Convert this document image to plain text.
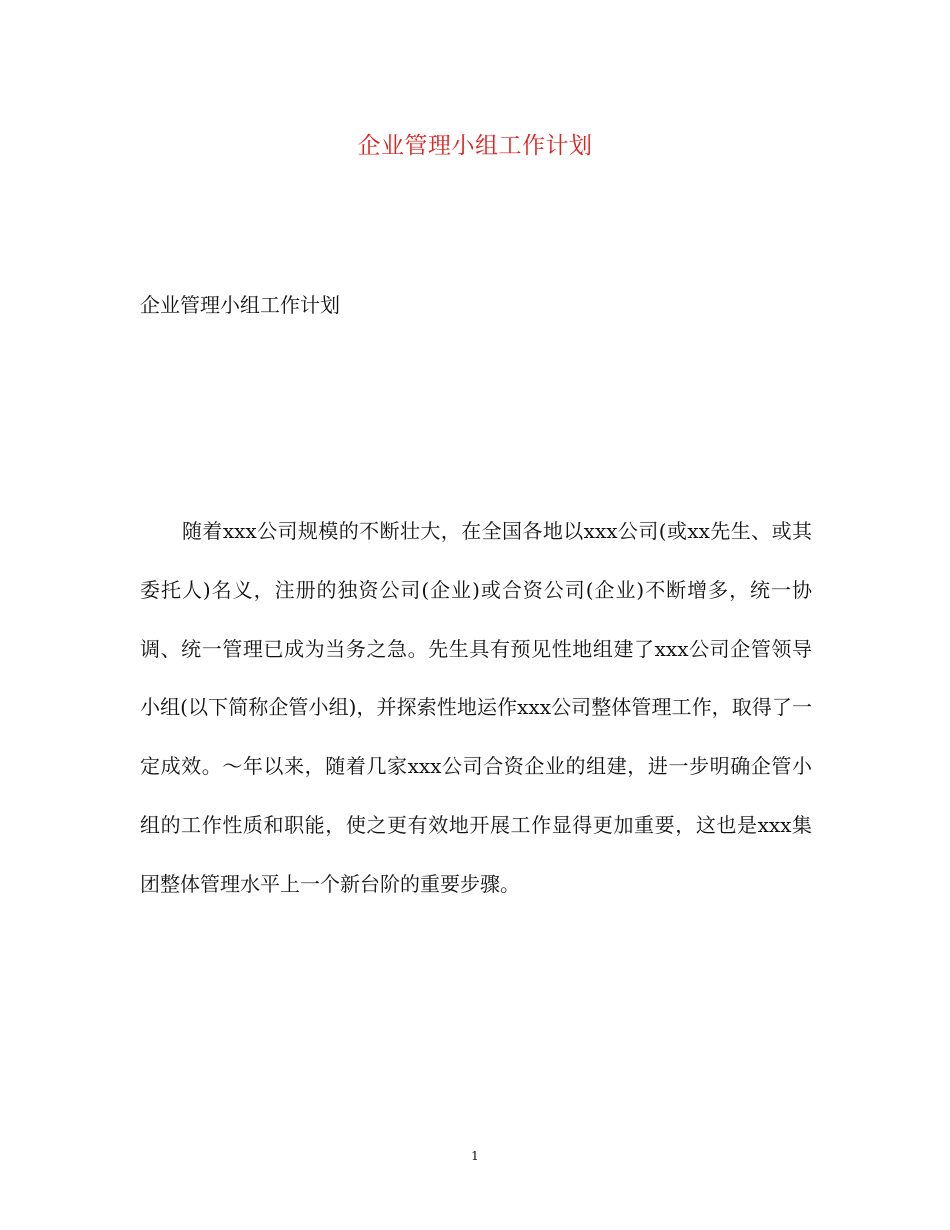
企业管理小组工作计划
企业管理小组工作计划

随着xxx公司规模的不断壮大，在全国各地以xxx公司(或xx先生、或其委托人)名义，注册的独资公司(企业)或合资公司(企业)不断增多，统一协调、统一管理已成为当务之急。先生具有预见性地组建了xxx公司企管领导小组(以下简称企管小组)，并探索性地运作xxx公司整体管理工作，取得了一定成效。～年以来，随着几家xxx公司合资企业的组建，进一步明确企管小组的工作性质和职能，使之更有效地开展工作显得更加重要，这也是xxx集团整体管理水平上一个新台阶的重要步骤。

1
